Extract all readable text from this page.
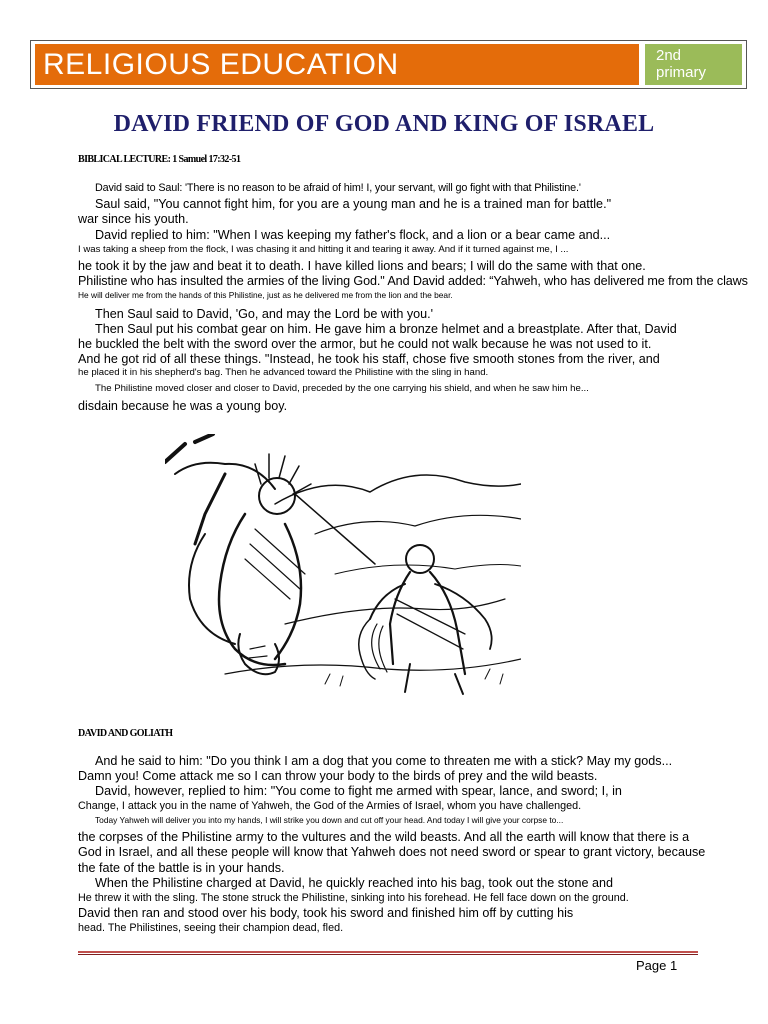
RELIGIOUS EDUCATION	2nd
primary
DAVID FRIEND OF GOD AND KING OF ISRAEL
BIBLICAL LECTURE: 1 Samuel 17:32-51
David said to Saul: 'There is no reason to be afraid of him! I, your servant, will go fight with that Philistine.'
Saul said, "You cannot fight him, for you are a young man and he is a trained man for battle."
war since his youth.
David replied to him: "When I was keeping my father's flock, and a lion or a bear came and...
I was taking a sheep from the flock, I was chasing it and hitting it and tearing it away. And if it turned against me, I ...
he took it by the jaw and beat it to death. I have killed lions and bears; I will do the same with that one.
Philistine who has insulted the armies of the living God." And David added: “Yahweh, who has delivered me from the claws
He will deliver me from the hands of this Philistine, just as he delivered me from the lion and the bear.
Then Saul said to David, 'Go, and may the Lord be with you.'
Then Saul put his combat gear on him. He gave him a bronze helmet and a breastplate. After that, David
he buckled the belt with the sword over the armor, but he could not walk because he was not used to it.
And he got rid of all these things. "Instead, he took his staff, chose five smooth stones from the river, and
he placed it in his shepherd's bag. Then he advanced toward the Philistine with the sling in hand.
The Philistine moved closer and closer to David, preceded by the one carrying his shield, and when he saw him he...
disdain because he was a young boy.
DAVID AND GOLIATH
And he said to him: "Do you think I am a dog that you come to threaten me with a stick? May my gods...
Damn you! Come attack me so I can throw your body to the birds of prey and the wild beasts.
David, however, replied to him: "You come to fight me armed with spear, lance, and sword; I, in
Change, I attack you in the name of Yahweh, the God of the Armies of Israel, whom you have challenged.
Today Yahweh will deliver you into my hands, I will strike you down and cut off your head. And today I will give your corpse to...
the corpses of the Philistine army to the vultures and the wild beasts. And all the earth will know that there is a
God in Israel, and all these people will know that Yahweh does not need sword or spear to grant victory, because
the fate of the battle is in your hands.
When the Philistine charged at David, he quickly reached into his bag, took out the stone and
He threw it with the sling. The stone struck the Philistine, sinking into his forehead. He fell face down on the ground.
David then ran and stood over his body, took his sword and finished him off by cutting his
head. The Philistines, seeing their champion dead, fled.
Page 1
